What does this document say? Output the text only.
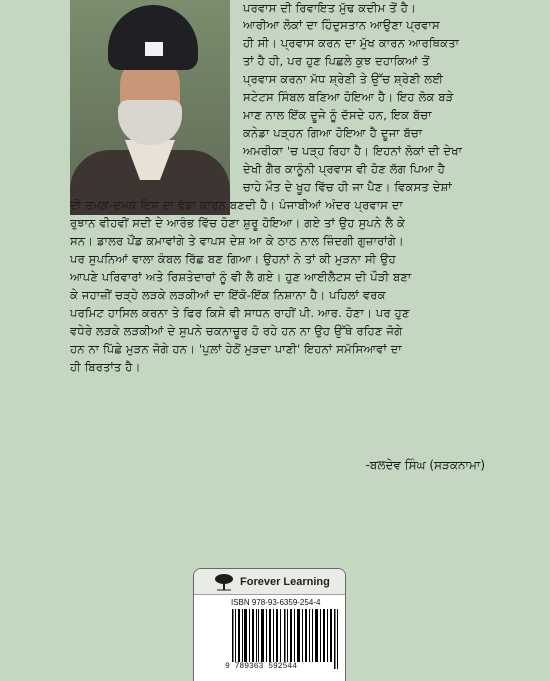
ਪਰਵਾਸ ਦੀ ਰਿਵਾਇਤ ਮੁੱਢ ਕਦੀਮ ਤੋਂ ਹੈ।
ਆਰੀਆ ਲੋਕਾਂ ਦਾ ਹਿੰਦੁਸਤਾਨ ਆਉਣਾ ਪ੍ਰਵਾਸ
ਹੀ ਸੀ। ਪ੍ਰਵਾਸ ਕਰਨ ਦਾ ਮੁੱਖ ਕਾਰਨ ਆਰਥਿਕਤਾ
ਤਾਂ ਹੈ ਹੀ, ਪਰ ਹੁਣ ਪਿਛਲੇ ਕੁਝ ਦਹਾਕਿਆਂ ਤੋਂ
ਪ੍ਰਵਾਸ ਕਰਨਾ ਮੱਧ ਸ਼੍ਰੇਣੀ ਤੇ ਉੱਚ ਸ਼੍ਰੇਣੀ ਲਈ
ਸਟੇਟਸ ਸਿੰਬਲ ਬਣਿਆ ਹੋਇਆ ਹੈ। ਇਹ ਲੋਕ ਬੜੇ
ਮਾਣ ਨਾਲ ਇੱਕ ਦੂਜੇ ਨੂੰ ਦੱਸਦੇ ਹਨ, ਇਕ ਬੱਚਾ
ਕਨੇਡਾ ਪੜ੍ਹਨ ਗਿਆ ਹੋਇਆ ਹੈ ਦੂਜਾ ਬੱਚਾ
ਅਮਰੀਕਾ 'ਚ ਪੜ੍ਹ ਰਿਹਾ ਹੈ। ਇਹਨਾਂ ਲੋਕਾਂ ਦੀ ਦੇਖਾ
ਦੇਖੀ ਗੈਰ ਕਾਨੂੰਨੀ ਪ੍ਰਵਾਸ ਵੀ ਹੋਣ ਲੱਗ ਪਿਆ ਹੈ
ਚਾਹੇ ਮੌਤ ਦੇ ਖੂਹ ਵਿੱਚ ਹੀ ਜਾ ਪੈਣ। ਵਿਕਸਤ ਦੇਸ਼ਾਂ
ਦੀ ਚਮਕ-ਦਮਕ ਇਸ ਦਾ ਵੱਡਾ ਕਾਰਨ ਬਣਦੀ ਹੈ। ਪੰਜਾਬੀਆਂ ਅੰਦਰ ਪ੍ਰਵਾਸ ਦਾ
ਰੁਝਾਨ ਵੀਹਵੀਂ ਸਦੀ ਦੇ ਆਰੰਭ ਵਿੱਚ ਹੋਣਾ ਸ਼ੁਰੂ ਹੋਇਆ। ਗਏ ਤਾਂ ਉਹ ਸੁਪਨੇ ਲੈ ਕੇ
ਸਨ। ਡਾਲਰ ਪੌਂਡ ਕਮਾਵਾਂਗੇ ਤੇ ਵਾਪਸ ਦੇਸ਼ ਆ ਕੇ ਠਾਠ ਨਾਲ ਜ਼ਿੰਦਗੀ ਗੁਜ਼ਾਰਾਂਗੇ।
ਪਰ ਸੁਪਨਿਆਂ ਵਾਲਾ ਕੰਬਲ ਰਿੱਛ ਬਣ ਗਿਆ। ਉਹਨਾਂ ਨੇ ਤਾਂ ਕੀ ਮੁੜਨਾ ਸੀ ਉਹ
ਆਪਣੇ ਪਰਿਵਾਰਾਂ ਅਤੇ ਰਿਸ਼ਤੇਦਾਰਾਂ ਨੂੰ ਵੀ ਲੈ ਗਏ। ਹੁਣ ਆਈਲੈਟਸ ਦੀ ਪੌੜੀ ਬਣਾ
ਕੇ ਜਹਾਜ਼ੀਂ ਚੜ੍ਹੇ ਲੜਕੇ ਲੜਕੀਆਂ ਦਾ ਇੱਕੋ-ਇੱਕ ਨਿਸ਼ਾਨਾ ਹੈ। ਪਹਿਲਾਂ ਵਰਕ
ਪਰਮਿਟ ਹਾਸਿਲ ਕਰਨਾ ਤੇ ਫਿਰ ਕਿਸੇ ਵੀ ਸਾਧਨ ਰਾਹੀਂ ਪੀ. ਆਰ. ਹੋਣਾ। ਪਰ ਹੁਣ
ਵਧੇਰੇ ਲੜਕੇ ਲੜਕੀਆਂ ਦੇ ਸੁਪਨੇ ਚਕਨਾਚੂਰ ਹੋ ਰਹੇ ਹਨ ਨਾ ਉਹ ਉੱਥੇ ਰਹਿਣ ਜੋਗੇ
ਹਨ ਨਾ ਪਿੱਛੇ ਮੁੜਨ ਜੋਗੇ ਹਨ। 'ਪੁਲ਼ਾਂ ਹੇਠੋਂ ਮੁੜਦਾ ਪਾਣੀ' ਇਹਨਾਂ ਸਮੱਸਿਆਵਾਂ ਦਾ
ਹੀ ਬਿਰਤਾਂਤ ਹੈ।
-ਬਲਦੇਵ ਸਿੰਘ (ਸੜਕਨਾਮਾ)
Forever Learning
ISBN 978-93-6359-254-4
9 789363 592544
